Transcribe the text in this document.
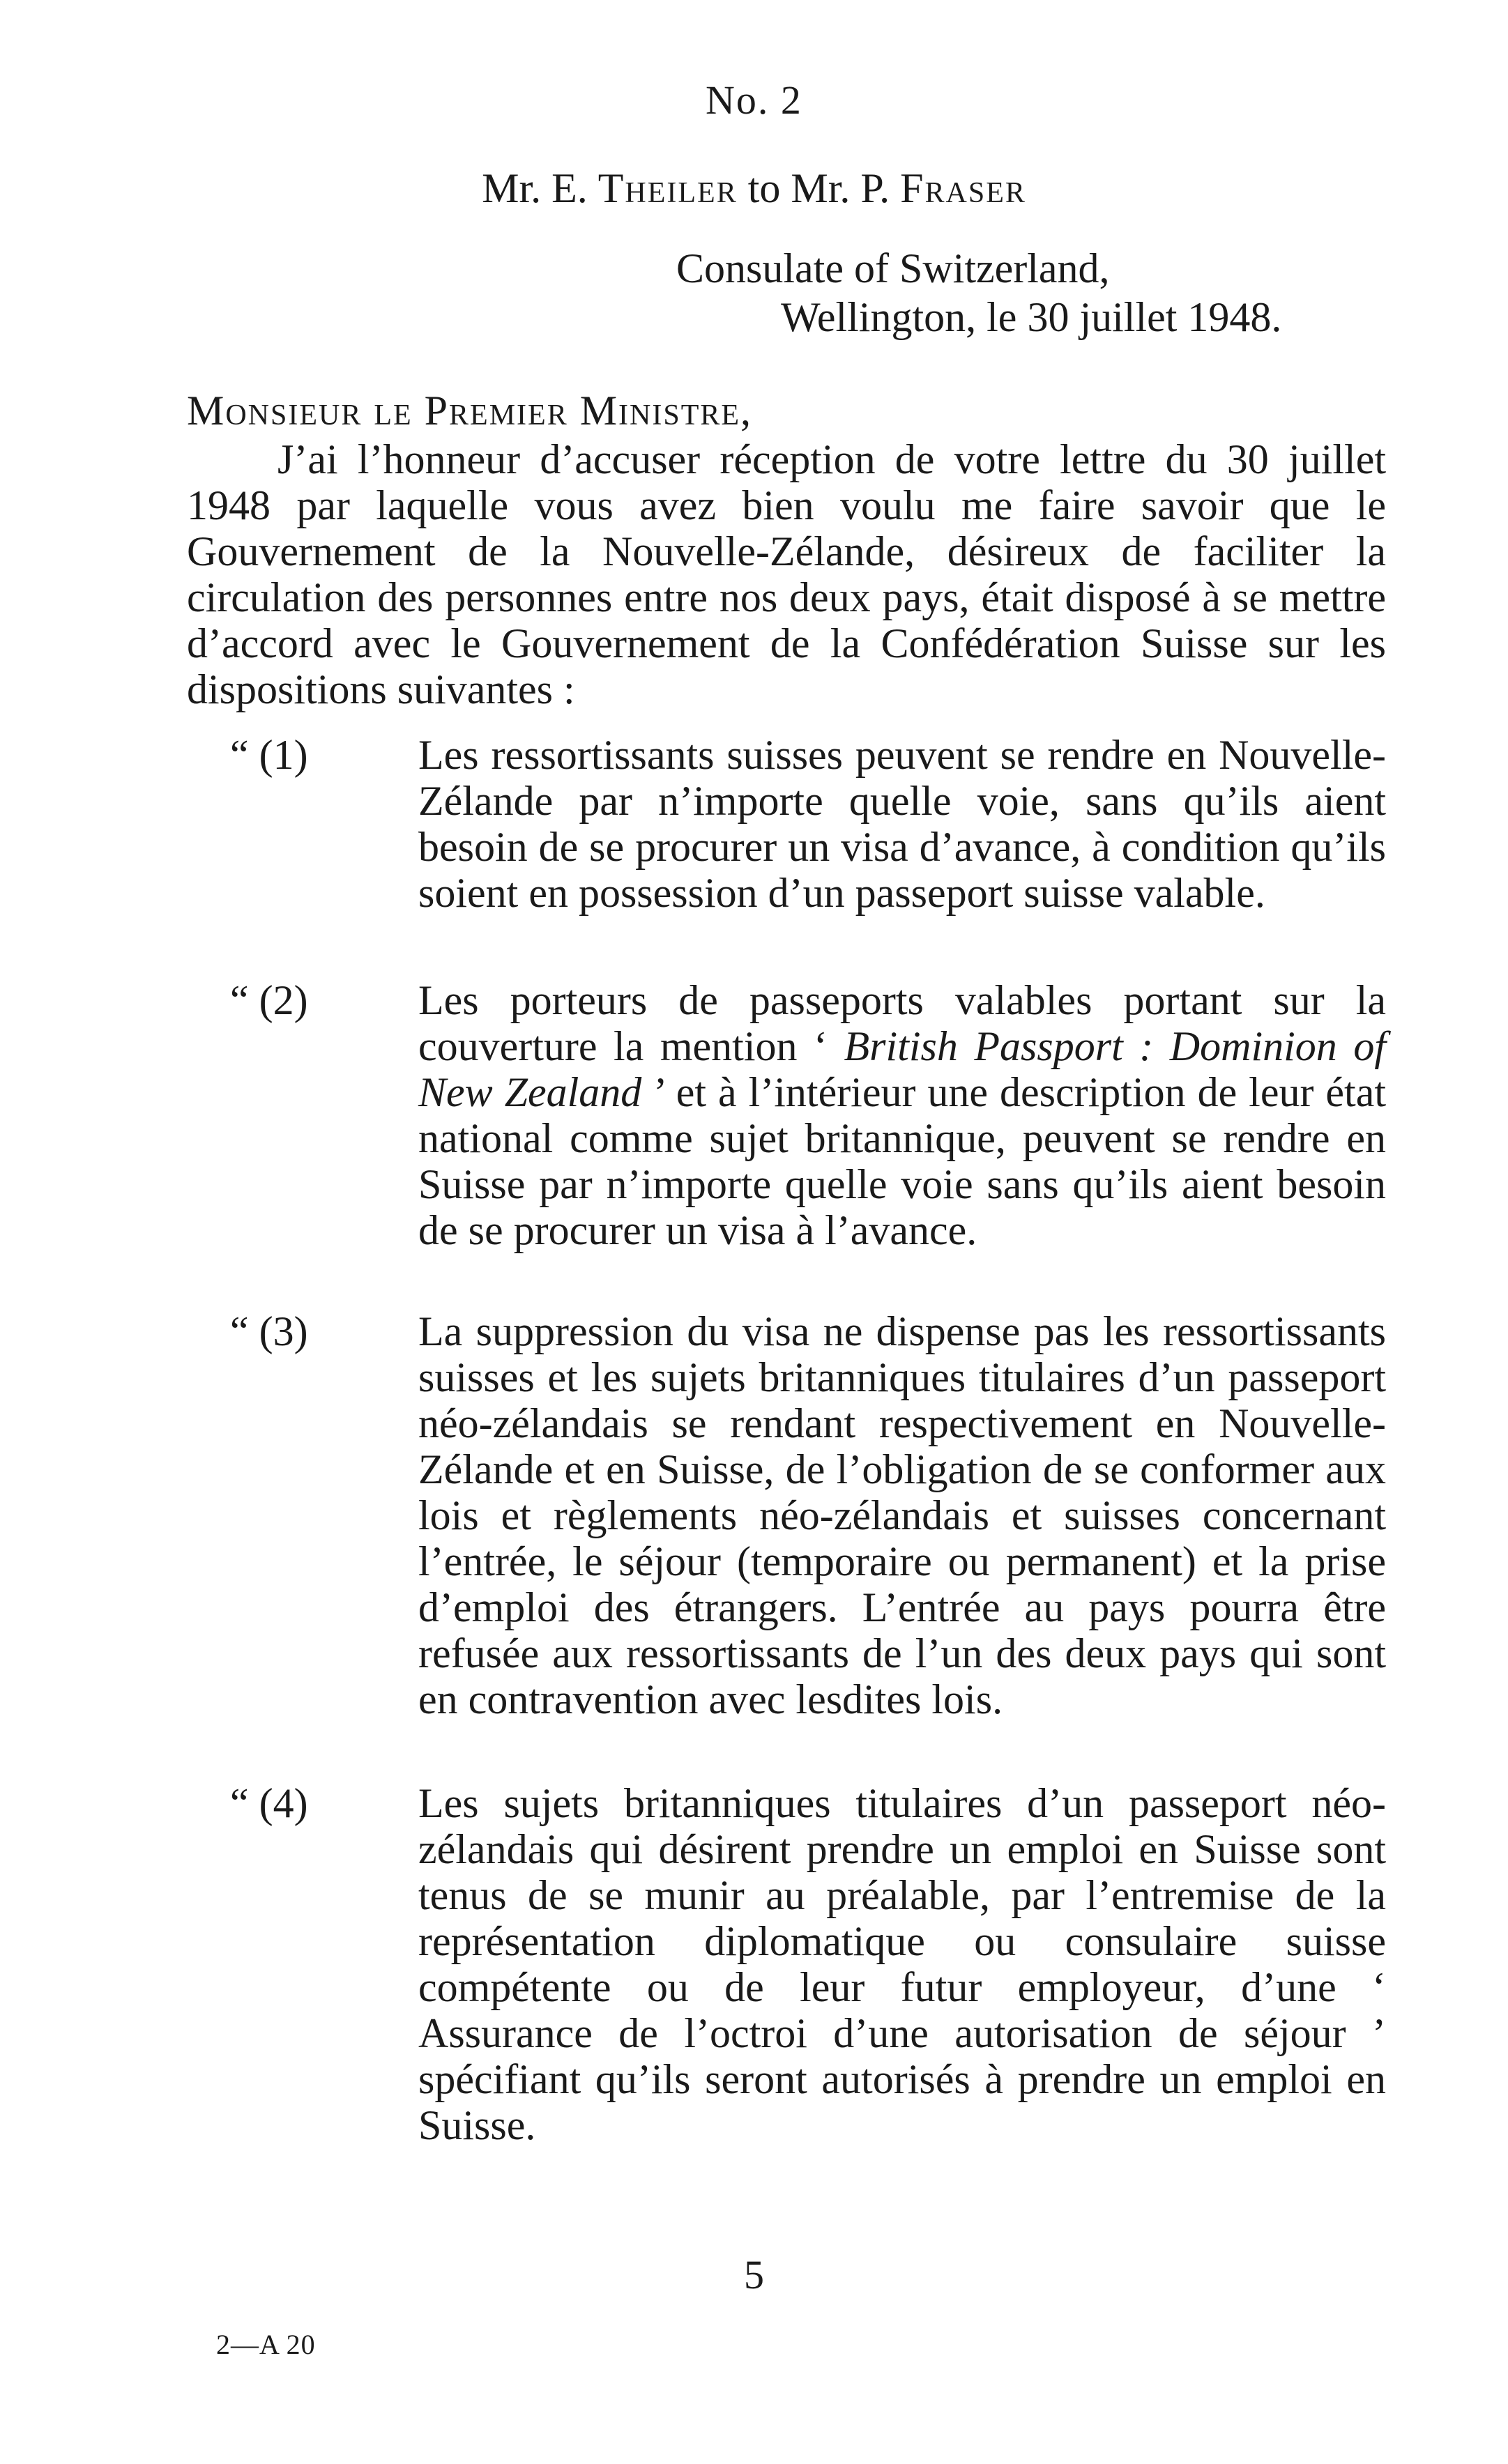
No. 2
Mr. E. Theiler to Mr. P. Fraser
Consulate of Switzerland,
Wellington, le 30 juillet 1948.
Monsieur le Premier Ministre,
J’ai l’honneur d’accuser réception de votre lettre du 30 juillet 1948 par laquelle vous avez bien voulu me faire savoir que le Gouvernement de la Nouvelle-Zélande, désireux de faciliter la circulation des personnes entre nos deux pays, était disposé à se mettre d’accord avec le Gouvernement de la Confédération Suisse sur les dispositions suivantes :
“ (1)	Les ressortissants suisses peuvent se rendre en Nouvelle-Zélande par n’importe quelle voie, sans qu’ils aient besoin de se procurer un visa d’avance, à condition qu’ils soient en possession d’un passeport suisse valable.
“ (2)	Les porteurs de passeports valables portant sur la couverture la mention ‘ British Passport : Dominion of New Zealand ’ et à l’intérieur une description de leur état national comme sujet britannique, peuvent se rendre en Suisse par n’importe quelle voie sans qu’ils aient besoin de se procurer un visa à l’avance.
“ (3)	La suppression du visa ne dispense pas les ressortissants suisses et les sujets britanniques titulaires d’un passeport néo-zélandais se rendant respectivement en Nouvelle-Zélande et en Suisse, de l’obligation de se conformer aux lois et règlements néo-zélandais et suisses concernant l’entrée, le séjour (temporaire ou permanent) et la prise d’emploi des étrangers. L’entrée au pays pourra être refusée aux ressortissants de l’un des deux pays qui sont en contravention avec lesdites lois.
“ (4)	Les sujets britanniques titulaires d’un passeport néo-zélandais qui désirent prendre un emploi en Suisse sont tenus de se munir au préalable, par l’entremise de la représentation diplomatique ou consulaire suisse compétente ou de leur futur employeur, d’une ‘ Assurance de l’octroi d’une autorisation de séjour ’ spécifiant qu’ils seront autorisés à prendre un emploi en Suisse.
5
2—A 20
